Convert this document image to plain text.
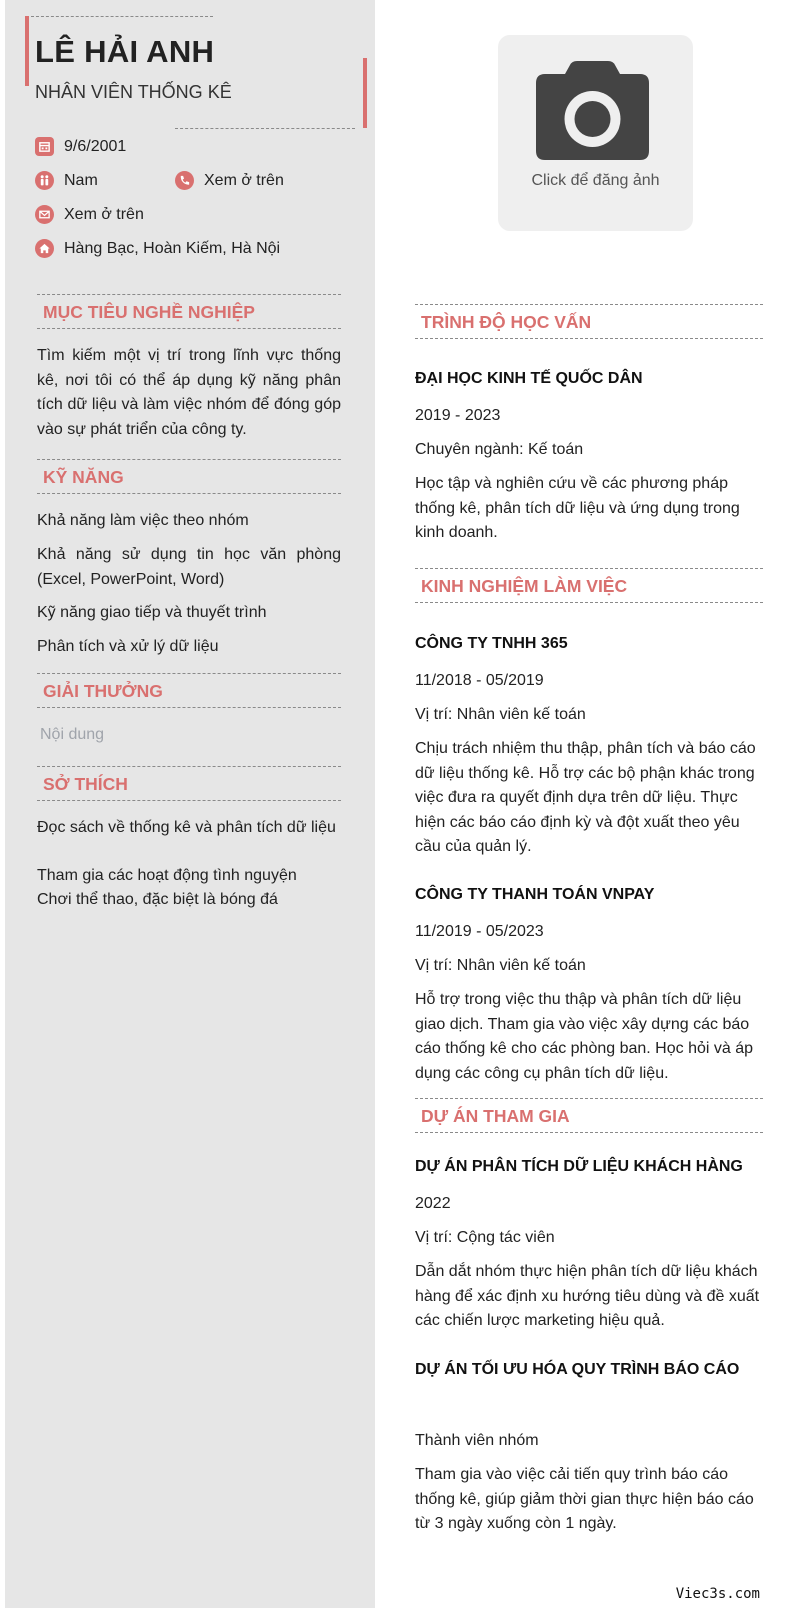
LÊ HẢI ANH
NHÂN VIÊN THỐNG KÊ
9/6/2001
Nam	Xem ở trên
Xem ở trên
Hàng Bạc, Hoàn Kiếm, Hà Nội
MỤC TIÊU NGHỀ NGHIỆP
Tìm kiếm một vị trí trong lĩnh vực thống kê, nơi tôi có thể áp dụng kỹ năng phân tích dữ liệu và làm việc nhóm để đóng góp vào sự phát triển của công ty.
KỸ NĂNG
Khả năng làm việc theo nhóm
Khả năng sử dụng tin học văn phòng (Excel, PowerPoint, Word)
Kỹ năng giao tiếp và thuyết trình
Phân tích và xử lý dữ liệu
GIẢI THƯỞNG
Nội dung
SỞ THÍCH
Đọc sách về thống kê và phân tích dữ liệu
Tham gia các hoạt động tình nguyện
Chơi thể thao, đặc biệt là bóng đá
Click để đăng ảnh
TRÌNH ĐỘ HỌC VẤN
ĐẠI HỌC KINH TẾ QUỐC DÂN
2019 - 2023
Chuyên ngành: Kế toán
Học tập và nghiên cứu về các phương pháp thống kê, phân tích dữ liệu và ứng dụng trong kinh doanh.
KINH NGHIỆM LÀM VIỆC
CÔNG TY TNHH 365
11/2018 - 05/2019
Vị trí: Nhân viên kế toán
Chịu trách nhiệm thu thập, phân tích và báo cáo dữ liệu thống kê. Hỗ trợ các bộ phận khác trong việc đưa ra quyết định dựa trên dữ liệu. Thực hiện các báo cáo định kỳ và đột xuất theo yêu cầu của quản lý.
CÔNG TY THANH TOÁN VNPAY
11/2019 - 05/2023
Vị trí: Nhân viên kế toán
Hỗ trợ trong việc thu thập và phân tích dữ liệu giao dịch. Tham gia vào việc xây dựng các báo cáo thống kê cho các phòng ban. Học hỏi và áp dụng các công cụ phân tích dữ liệu.
DỰ ÁN THAM GIA
DỰ ÁN PHÂN TÍCH DỮ LIỆU KHÁCH HÀNG
2022
Vị trí: Cộng tác viên
Dẫn dắt nhóm thực hiện phân tích dữ liệu khách hàng để xác định xu hướng tiêu dùng và đề xuất các chiến lược marketing hiệu quả.
DỰ ÁN TỐI ƯU HÓA QUY TRÌNH BÁO CÁO
Thành viên nhóm
Tham gia vào việc cải tiến quy trình báo cáo thống kê, giúp giảm thời gian thực hiện báo cáo từ 3 ngày xuống còn 1 ngày.
Viec3s.com
